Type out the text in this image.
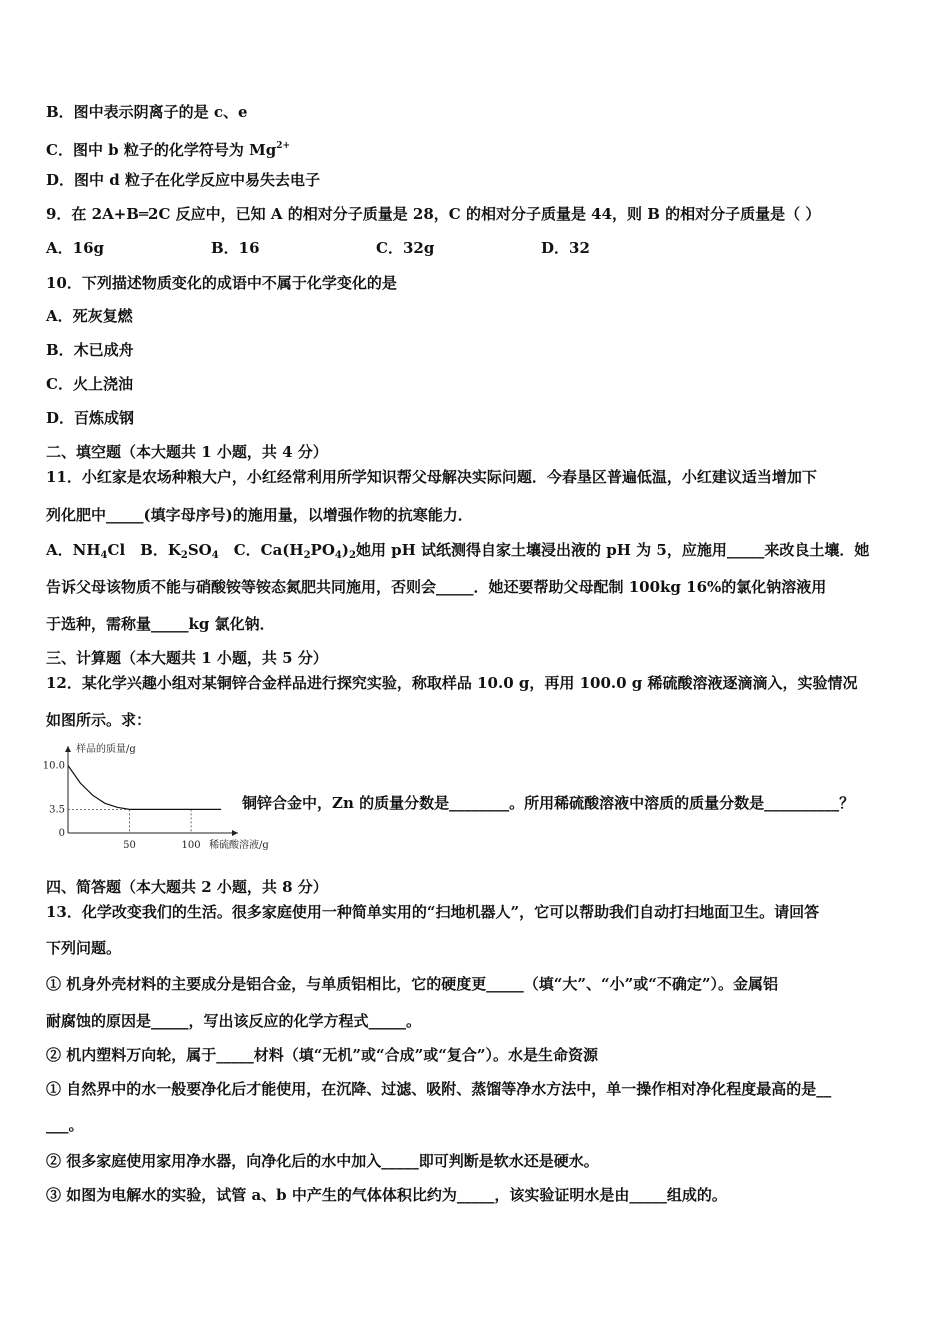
B．图中表示阴离子的是 c、e
C．图中 b 粒子的化学符号为 $Mg^{2+}$
D．图中 d 粒子在化学反应中易失去电子
9．在 2A+B═2C 反应中，已知 A 的相对分子质量是 28，C 的相对分子质量是 44，则 B 的相对分子质量是（ ）
A．16g	B．16	C．32g	D．32
10．下列描述物质变化的成语中不属于化学变化的是
A．死灰复燃
B．木已成舟
C．火上浇油
D．百炼成钢
二、填空题（本大题共 1 小题，共 4 分）
11．小红家是农场种粮大户，小红经常利用所学知识帮父母解决实际问题．今春垦区普遍低温，小红建议适当增加下
列化肥中_____(填字母序号)的施用量，以增强作物的抗寒能力．
A．$NH_4Cl$　B．$K_2SO_4$　C．$Ca(H_2PO_4)_2$她用 pH 试纸测得自家土壤浸出液的 pH 为 5，应施用_____来改良土壤．她
告诉父母该物质不能与硝酸铵等铵态氮肥共同施用，否则会_____．她还要帮助父母配制 100kg 16%的氯化钠溶液用
于选种，需称量_____kg 氯化钠．
三、计算题（本大题共 1 小题，共 5 分）
12．某化学兴趣小组对某铜锌合金样品进行探究实验，称取样品 10.0 g，再用 100.0 g 稀硫酸溶液逐滴滴入，实验情况
如图所示。求：
样品的质量/g
稀硫酸溶液/g
10.0
3.5
0
50	100
铜锌合金中，Zn 的质量分数是________。所用稀硫酸溶液中溶质的质量分数是__________？
四、简答题（本大题共 2 小题，共 8 分）
13．化学改变我们的生活。很多家庭使用一种简单实用的“扫地机器人”，它可以帮助我们自动打扫地面卫生。请回答
下列问题。
① 机身外壳材料的主要成分是铝合金，与单质铝相比，它的硬度更_____（填“大”、“小”或“不确定”）。金属铝
耐腐蚀的原因是_____，写出该反应的化学方程式_____。
② 机内塑料万向轮，属于_____材料（填“无机”或“合成”或“复合”）。水是生命资源
① 自然界中的水一般要净化后才能使用，在沉降、过滤、吸附、蒸馏等净水方法中，单一操作相对净化程度最高的是__
___。
② 很多家庭使用家用净水器，向净化后的水中加入_____即可判断是软水还是硬水。
③ 如图为电解水的实验，试管 a、b 中产生的气体体积比约为_____，该实验证明水是由_____组成的。
